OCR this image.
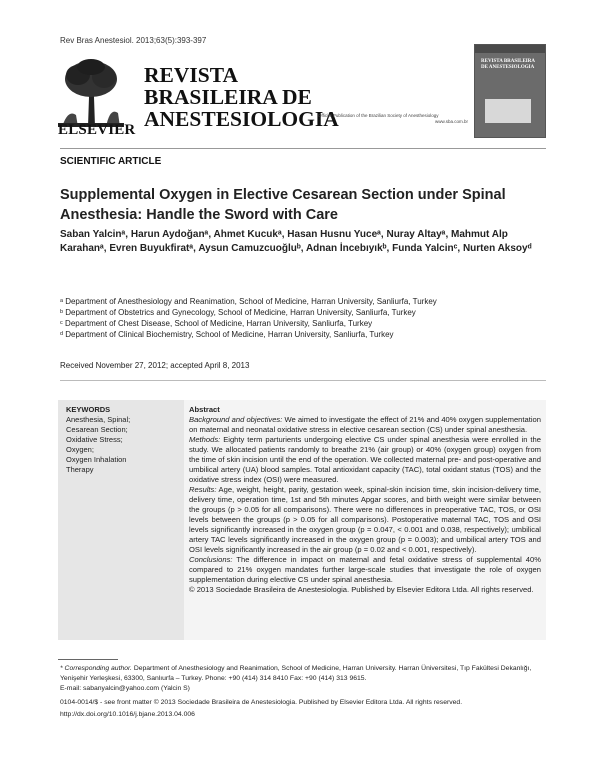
Rev Bras Anestesiol. 2013;63(5):393-397
ELSEVIER
REVISTA
BRASILEIRA DE
ANESTESIOLOGIA
Official Publication of the Brazilian Society of Anesthesiology
www.sba.com.br
REVISTA BRASILEIRA DE ANESTESIOLOGIA
SCIENTIFIC ARTICLE
Supplemental Oxygen in Elective Cesarean Section under Spinal Anesthesia: Handle the Sword with Care
Saban Yalcinᵃ, Harun Aydoğanᵃ, Ahmet Kucukᵃ, Hasan Husnu Yuceᵃ, Nuray Altayᵃ, Mahmut Alp Karahanᵃ, Evren Buyukfiratᵃ, Aysun Camuzcuoğluᵇ, Adnan İncebıyıkᵇ, Funda Yalcinᶜ, Nurten Aksoyᵈ
ᵃ Department of Anesthesiology and Reanimation, School of Medicine, Harran University, Sanliurfa, Turkey
ᵇ Department of Obstetrics and Gynecology, School of Medicine, Harran University, Sanliurfa, Turkey
ᶜ Department of Chest Disease, School of Medicine, Harran University, Sanliurfa, Turkey
ᵈ Department of Clinical Biochemistry, School of Medicine, Harran University, Sanliurfa, Turkey
Received November 27, 2012; accepted April 8, 2013
KEYWORDS
Anesthesia, Spinal;
Cesarean Section;
Oxidative Stress;
Oxygen;
Oxygen Inhalation
Therapy

Abstract

Background and objectives: We aimed to investigate the effect of 21% and 40% oxygen supplementation on maternal and neonatal oxidative stress in elective cesarean section (CS) under spinal anesthesia.

Methods: Eighty term parturients undergoing elective CS under spinal anesthesia were enrolled in the study. We allocated patients randomly to breathe 21% (air group) or 40% (oxygen group) oxygen from the time of skin incision until the end of the operation. We collected maternal pre- and post-operative and umbilical artery (UA) blood samples. Total antioxidant capacity (TAC), total oxidant status (TOS) and the oxidative stress index (OSI) were measured.

Results: Age, weight, height, parity, gestation week, spinal-skin incision time, skin incision-delivery time, delivery time, operation time, 1st and 5th minutes Apgar scores, and birth weight were similar between the groups (p > 0.05 for all comparisons). There were no differences in preoperative TAC, TOS, or OSI levels between the groups (p > 0.05 for all comparisons). Postoperative maternal TAC, TOS and OSI levels significantly increased in the oxygen group (p = 0.047, < 0.001 and 0.038, respectively); umbilical artery TAC levels significantly increased in the oxygen group (p = 0.003); and umbilical artery TOS and OSI levels significantly increased in the air group (p = 0.02 and < 0.001, respectively).

Conclusions: The difference in impact on maternal and fetal oxidative stress of supplemental 40% compared to 21% oxygen mandates further large-scale studies that investigate the role of oxygen supplementation during elective CS under spinal anesthesia.

© 2013 Sociedade Brasileira de Anestesiologia. Published by Elsevier Editora Ltda. All rights reserved.

* Corresponding author. Department of Anesthesiology and Reanimation, School of Medicine, Harran University. Harran Üniversitesi, Tıp Fakültesi Dekanlığı, Yenişehir Yerleşkesi, 63300, Sanlıurfa – Turkey. Phone: +90 (414) 314 8410 Fax: +90 (414) 313 9615.

E-mail: sabanyalcin@yahoo.com (Yalcin S)

0104-0014/$ - see front matter © 2013 Sociedade Brasileira de Anestesiologia. Published by Elsevier Editora Ltda. All rights reserved.

http://dx.doi.org/10.1016/j.bjane.2013.04.006
